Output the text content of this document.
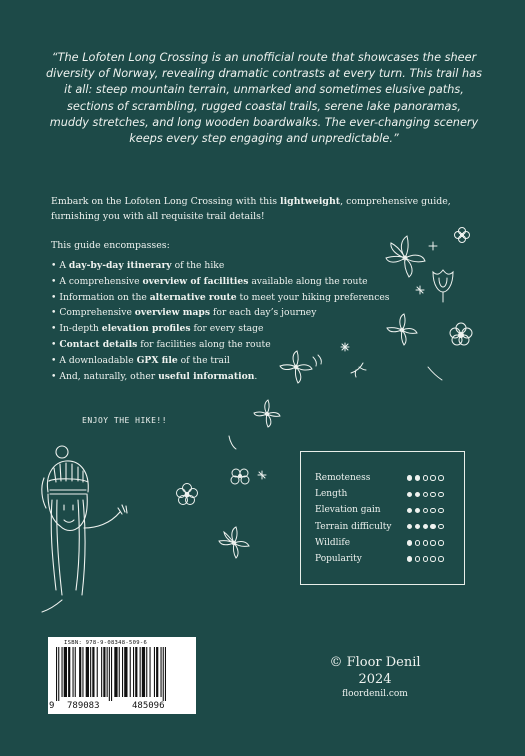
“The Lofoten Long Crossing is an unofficial route that showcases the sheer diversity of Norway, revealing dramatic contrasts at every turn. This trail has it all: steep mountain terrain, unmarked and sometimes elusive paths, sections of scrambling, rugged coastal trails, serene lake panoramas, muddy stretches, and long wooden boardwalks. The ever-changing scenery keeps every step engaging and unpredictable.”
Embark on the Lofoten Long Crossing with this lightweight, comprehensive guide, furnishing you with all requisite trail details!
This guide encompasses:
• A day-by-day itinerary of the hike
• A comprehensive overview of facilities available along the route
• Information on the alternative route to meet your hiking preferences
• Comprehensive overview maps for each day’s journey
• In-depth elevation profiles for every stage
• Contact details for facilities along the route
• A downloadable GPX file of the trail
• And, naturally, other useful information.
ENJOY THE HIKE!!
Remoteness
Length
Elevation gain
Terrain difficulty
Wildlife
Popularity
ISBN: 978-9-08348-509-6
9 789083	485096
© Floor Denil
2024
floordenil.com
